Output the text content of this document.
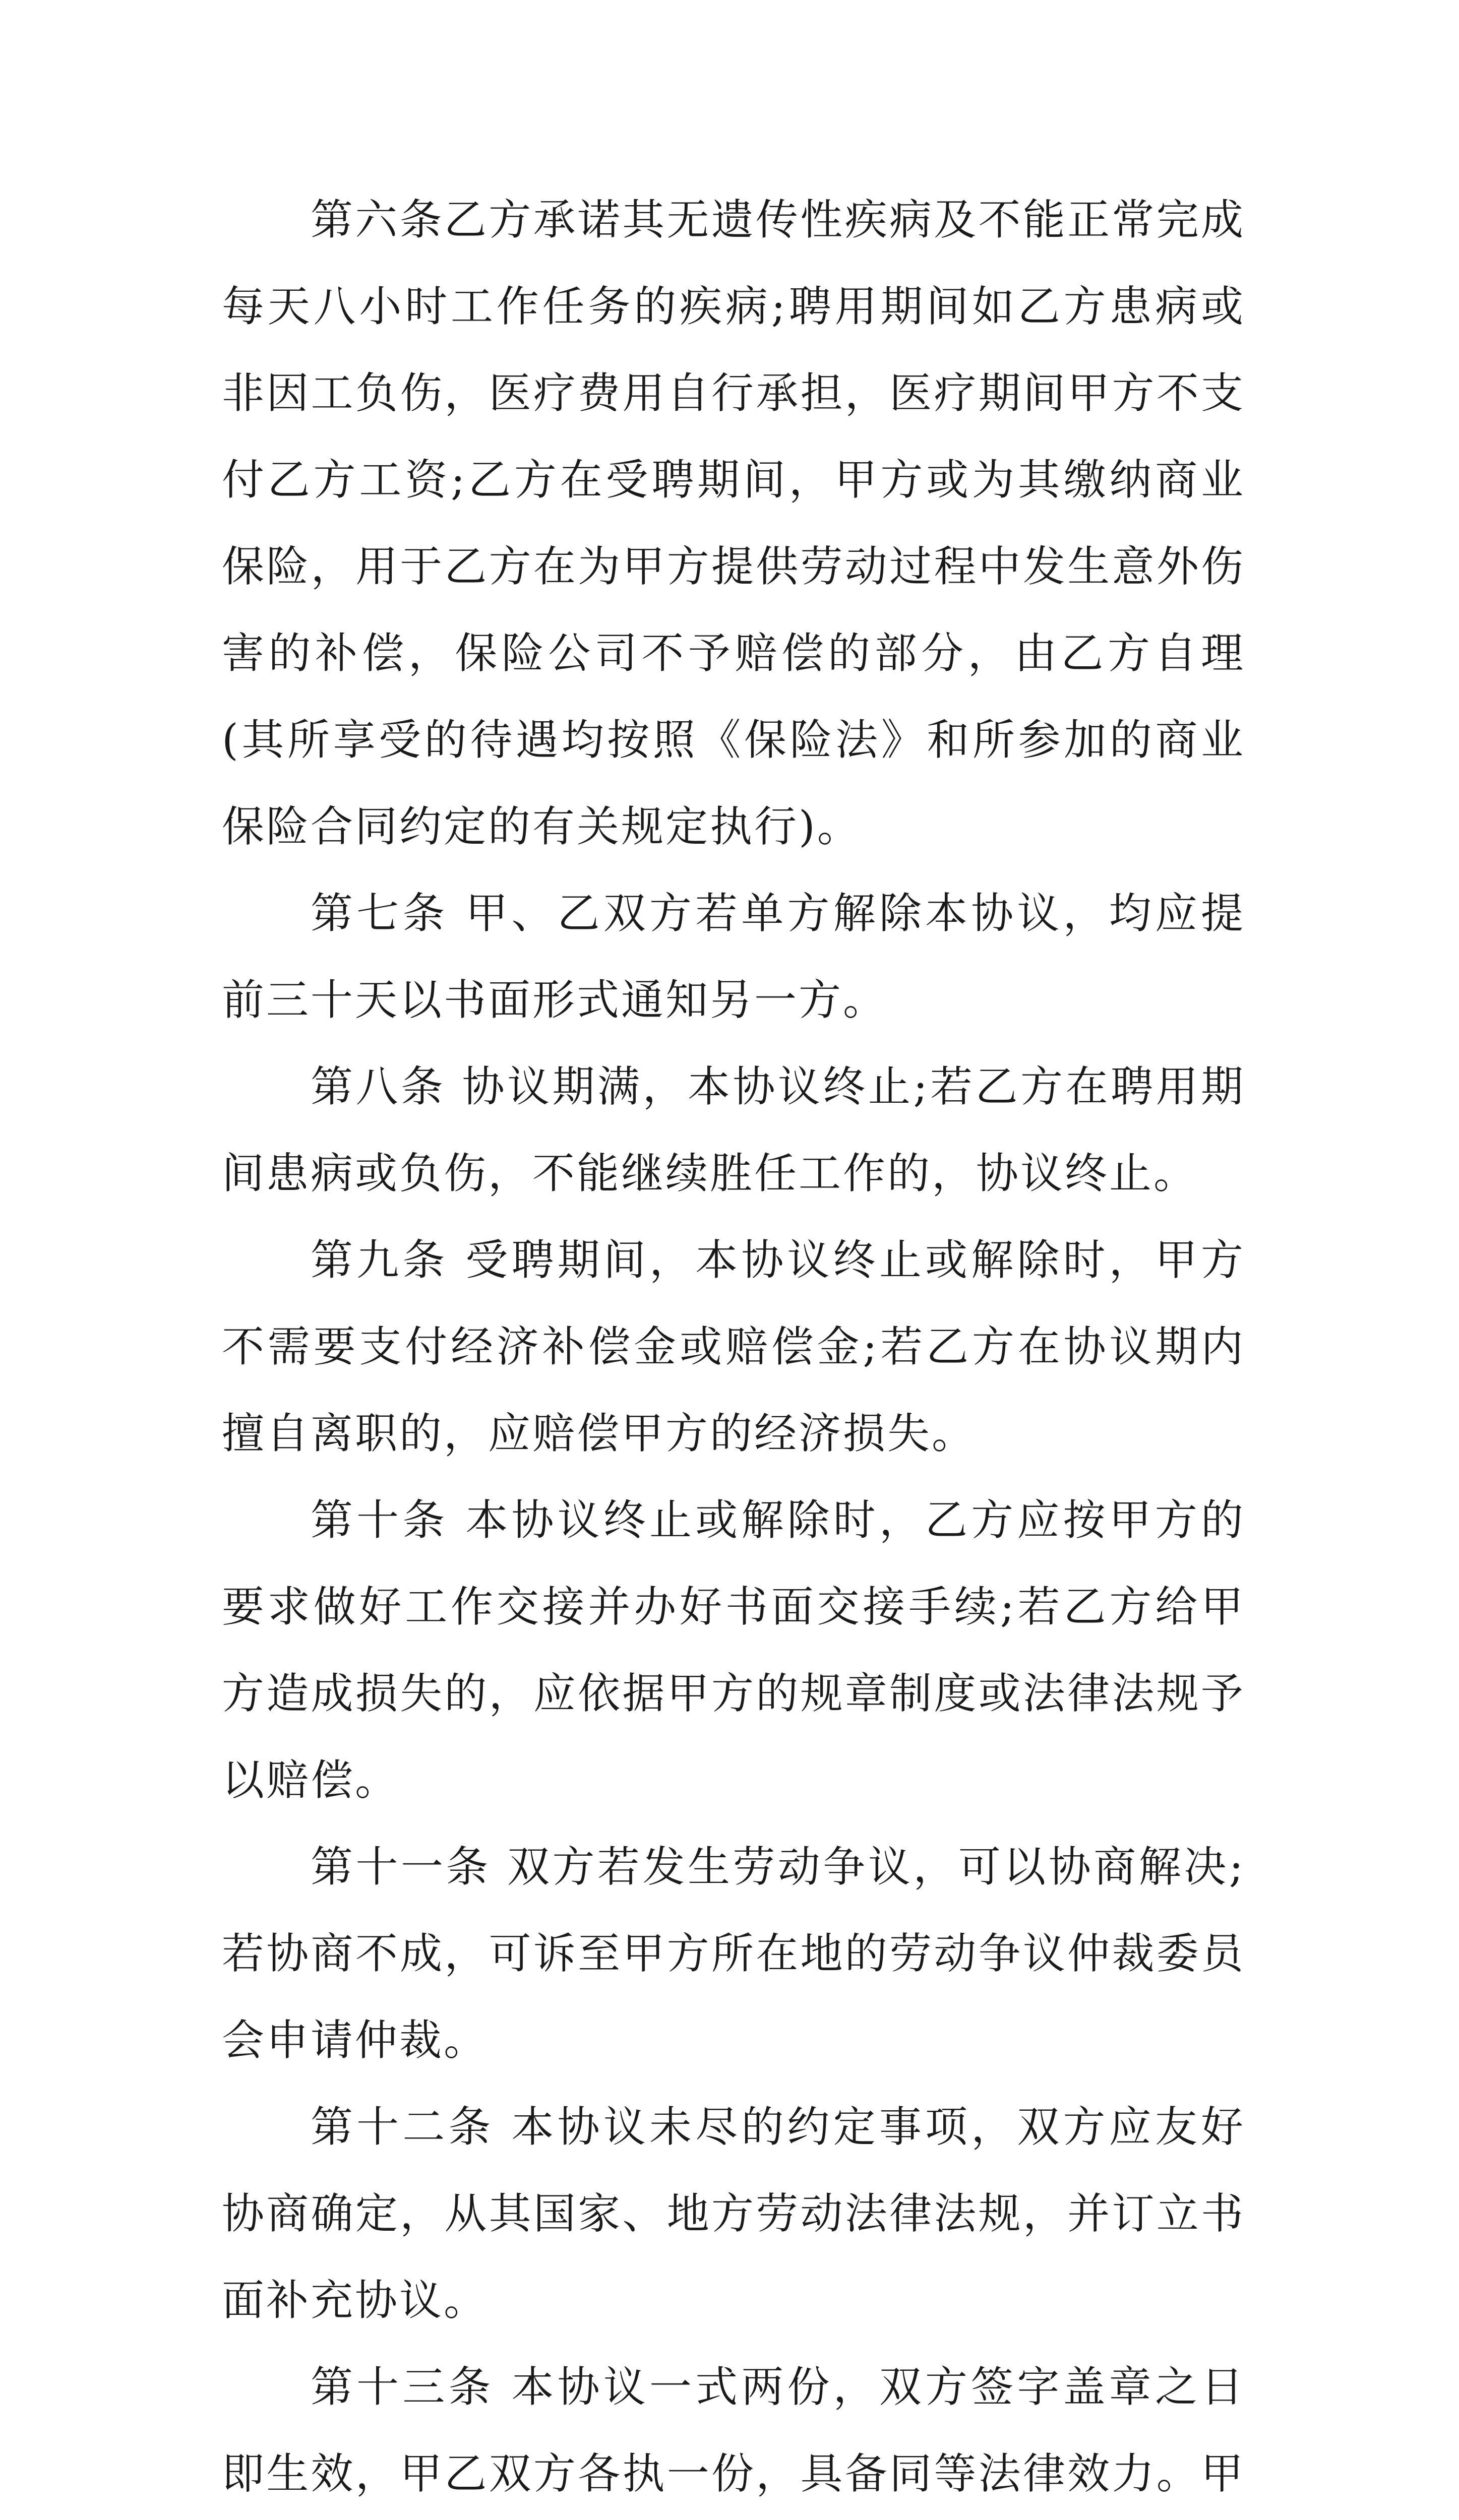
第六条乙方承诺其无遗传性疾病及不能正常完成每天八小时工作任务的疾病;聘用期间如乙方患病或非因工负伤，医疗费用自行承担，医疗期间甲方不支付乙方工资;乙方在受聘期间，甲方或为其缴纳商业保险，用于乙方在为甲方提供劳动过程中发生意外伤害的补偿，保险公司不予赔偿的部分，由乙方自理(其所享受的待遇均按照《保险法》和所参加的商业保险合同约定的有关规定执行)。

第七条 甲、乙双方若单方解除本协议，均应提前三十天以书面形式通知另一方。

第八条 协议期满，本协议终止;若乙方在聘用期间患病或负伤，不能继续胜任工作的，协议终止。

第九条 受聘期间，本协议终止或解除时，甲方不需要支付经济补偿金或赔偿金;若乙方在协议期内擅自离职的，应赔偿甲方的经济损失。

第十条 本协议终止或解除时，乙方应按甲方的要求做好工作交接并办好书面交接手续;若乙方给甲方造成损失的，应依据甲方的规章制度或法律法规予以赔偿。

第十一条 双方若发生劳动争议，可以协商解决;若协商不成，可诉至甲方所在地的劳动争议仲裁委员会申请仲裁。

第十二条 本协议未尽的约定事项，双方应友好协商确定，从其国家、地方劳动法律法规，并订立书面补充协议。

第十三条 本协议一式两份，双方签字盖章之日即生效，甲乙双方各执一份，具备同等法律效力。甲
